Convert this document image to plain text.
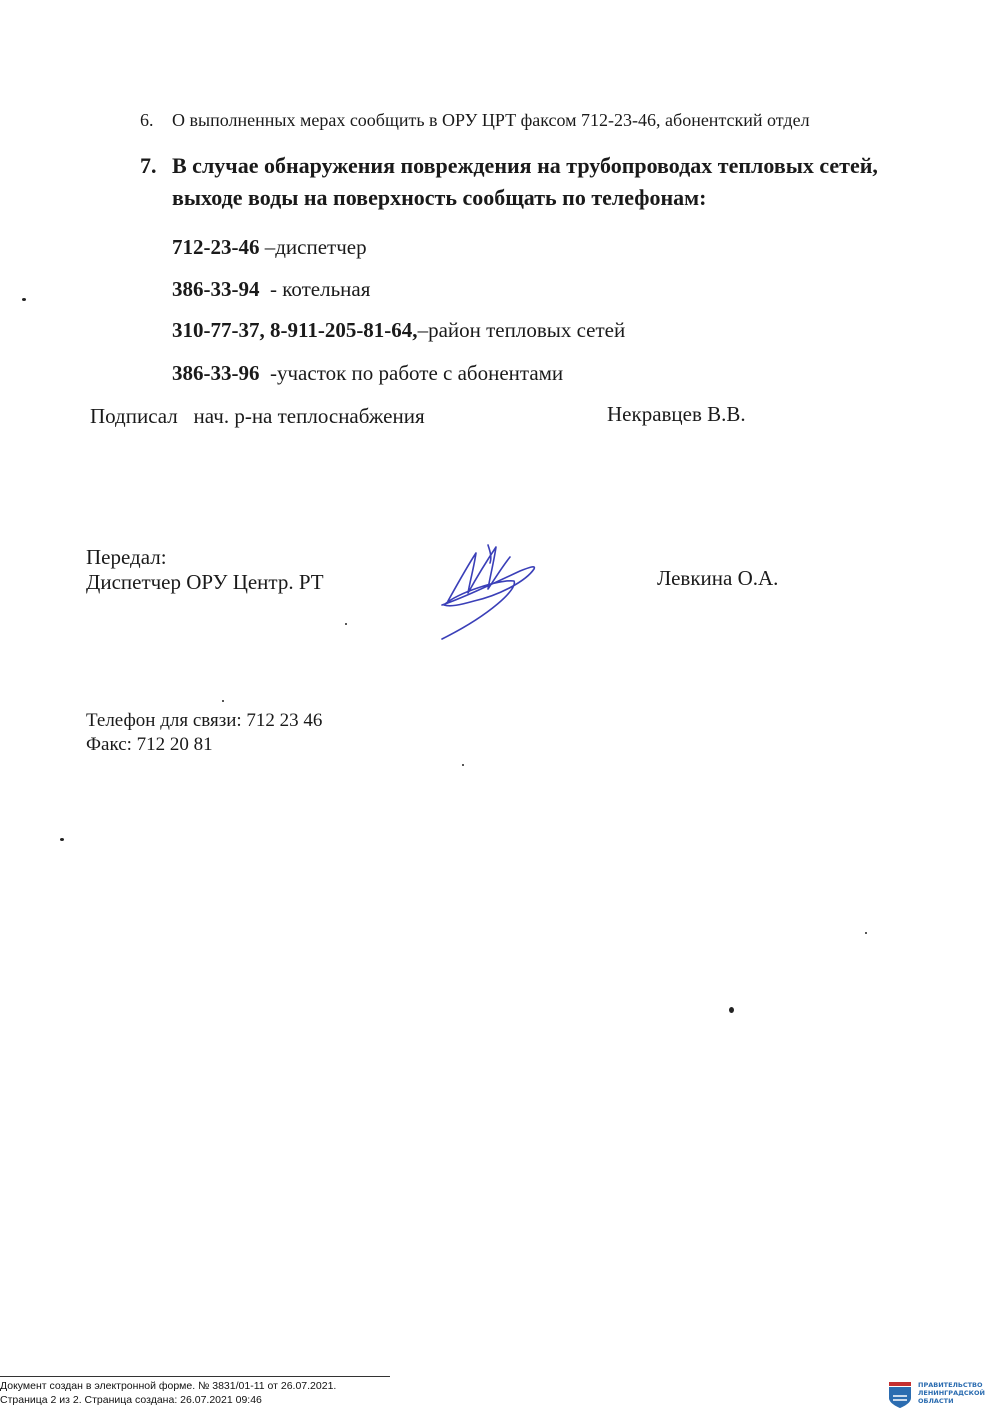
6. О выполненных мерах сообщить в ОРУ ЦРТ факсом 712-23-46, абонентский отдел
7. В случае обнаружения повреждения на трубопроводах тепловых сетей,
выходе воды на поверхность сообщать по телефонам:
712-23-46 –диспетчер
386-33-94  - котельная
310-77-37, 8-911-205-81-64,–район тепловых сетей
386-33-96  -участок по работе с абонентами
Подписал нач. р-на теплоснабжения	Некравцев В.В.
Передал:
Диспетчер ОРУ Центр. РТ	Левкина О.А.
Телефон для связи: 712 23 46
Факс: 712 20 81
Документ создан в электронной форме. № 3831/01-11 от 26.07.2021.
Страница 2 из 2. Страница создана: 26.07.2021 09:46
ПРАВИТЕЛЬСТВО
ЛЕНИНГРАДСКОЙ
ОБЛАСТИ
